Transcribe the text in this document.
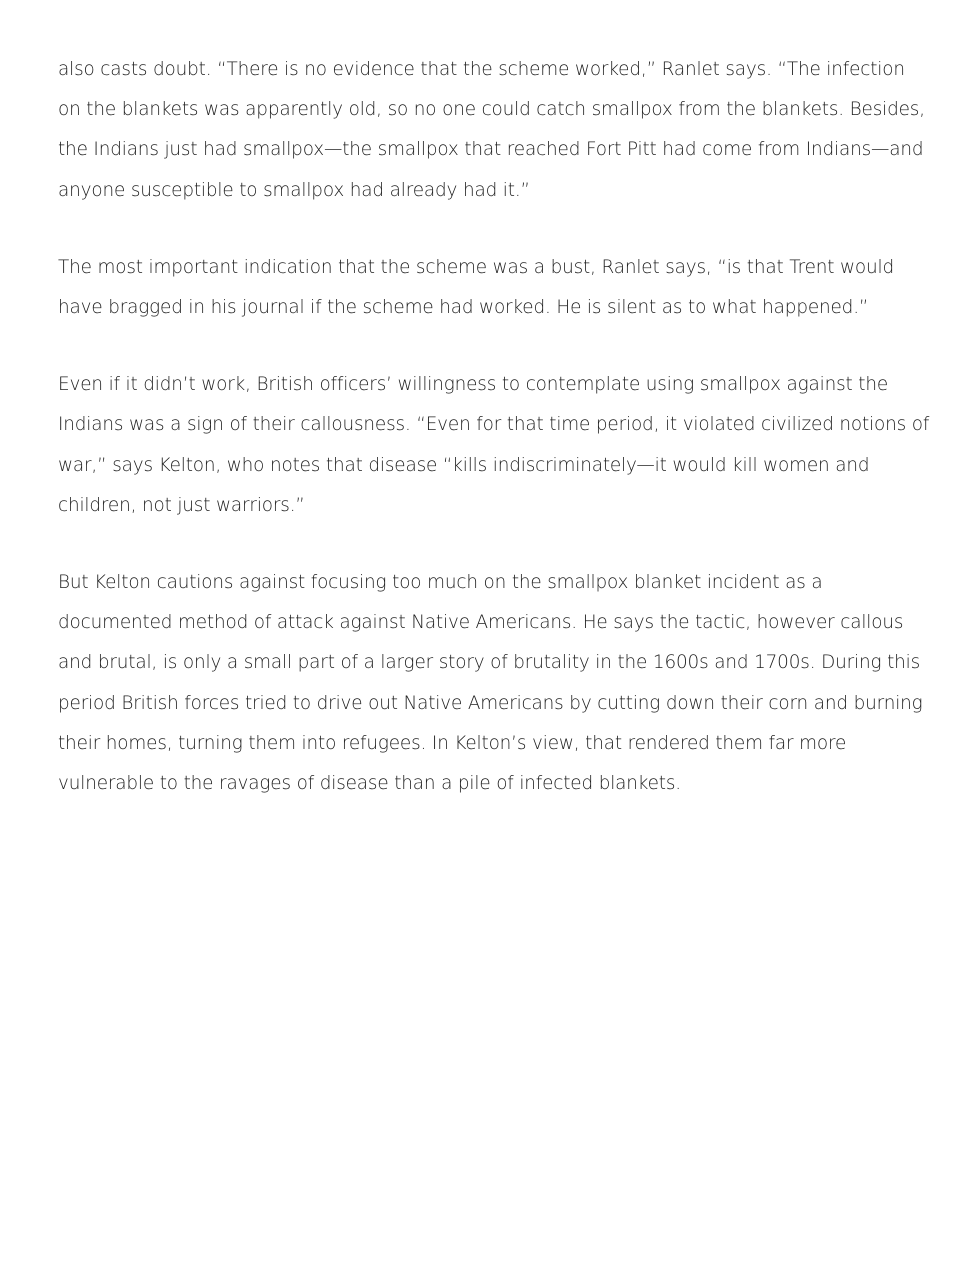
also casts doubt. “There is no evidence that the scheme worked,” Ranlet says. “The infection on the blankets was apparently old, so no one could catch smallpox from the blankets. Besides, the Indians just had smallpox—the smallpox that reached Fort Pitt had come from Indians—and anyone susceptible to smallpox had already had it.”

The most important indication that the scheme was a bust, Ranlet says, “is that Trent would have bragged in his journal if the scheme had worked. He is silent as to what happened.”

Even if it didn’t work, British officers’ willingness to contemplate using smallpox against the Indians was a sign of their callousness. “Even for that time period, it violated civilized notions of war,” says Kelton, who notes that disease “kills indiscriminately—it would kill women and children, not just warriors.”

But Kelton cautions against focusing too much on the smallpox blanket incident as a documented method of attack against Native Americans. He says the tactic, however callous and brutal, is only a small part of a larger story of brutality in the 1600s and 1700s. During this period British forces tried to drive out Native Americans by cutting down their corn and burning their homes, turning them into refugees. In Kelton’s view, that rendered them far more vulnerable to the ravages of disease than a pile of infected blankets.
